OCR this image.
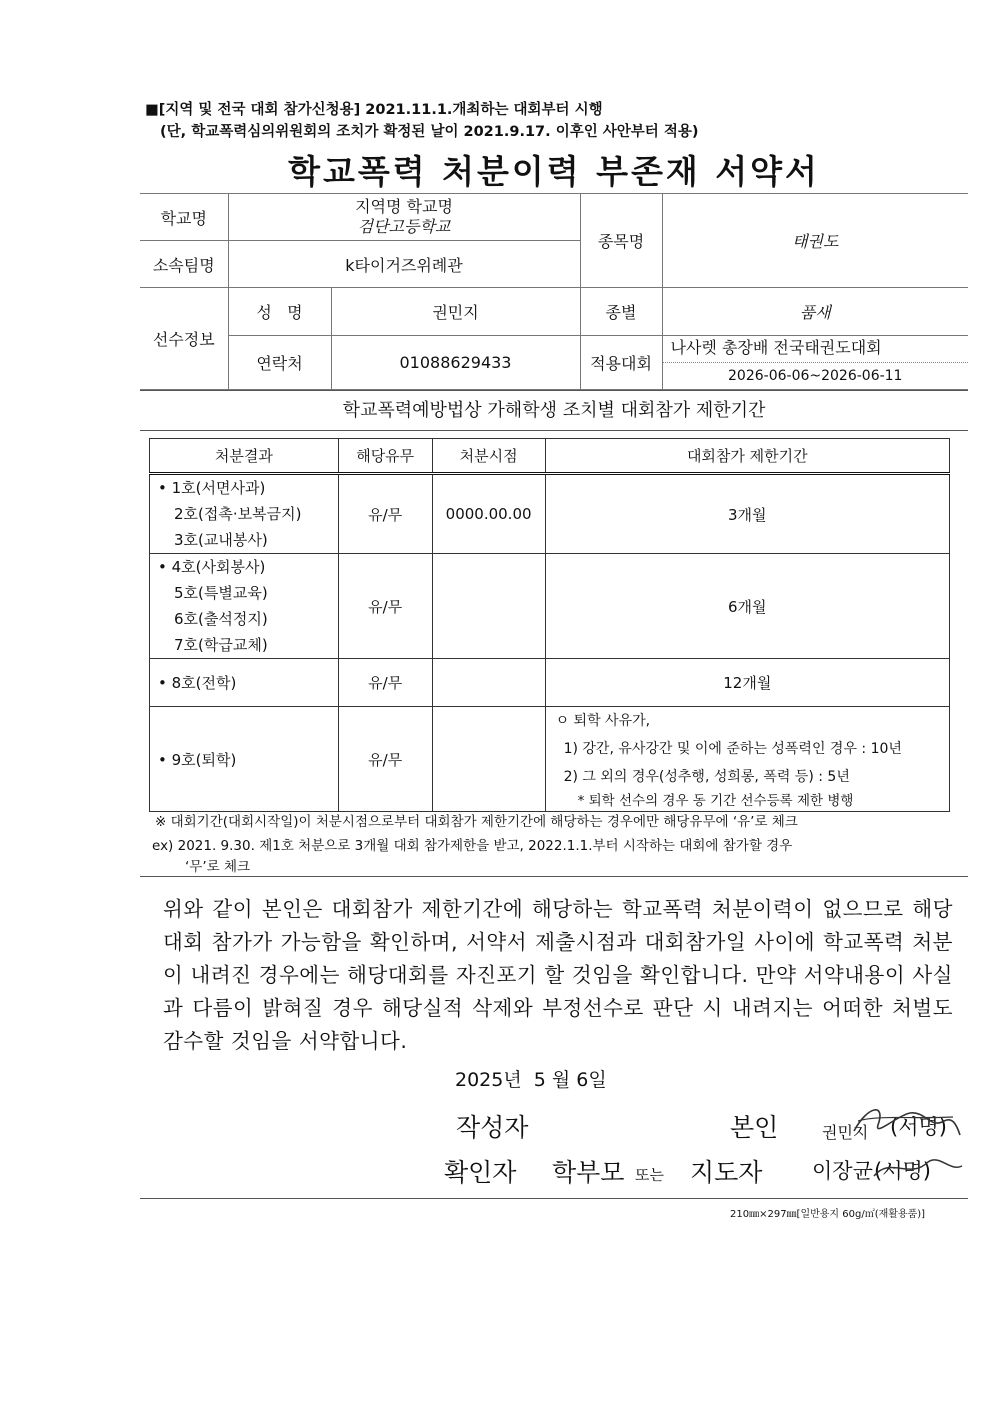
■[지역 및 전국 대회 참가신청용] 2021.11.1.개최하는 대회부터 시행
(단, 학교폭력심의위원회의 조치가 확정된 날이 2021.9.17. 이후인 사안부터 적용)
학교폭력 처분이력 부존재 서약서
학교명	지역명 학교명
검단고등학교		종목명	태권도
소속팀명	k타이거즈위례관			
선수정보	성   명	권민지	종별	품새
	연락처	01088629433	적용대회	나사렛 총장배 전국태권도대회
2026-06-06~2026-06-11
학교폭력예방법상 가해학생 조치별 대회참가 제한기간
처분결과	해당유무	처분시점	대회참가 제한기간

• 1호(서면사과)
2호(접촉·보복금지)
3호(교내봉사)	유/무	0000.00.00	3개월

• 4호(사회봉사)
5호(특별교육)
6호(출석정지)
7호(학급교체)	유/무		6개월
• 8호(전학)	유/무		12개월
• 9호(퇴학)	유/무		ㅇ 퇴학 사유가,
1) 강간, 유사강간 및 이에 준하는 성폭력인 경우 : 10년
2) 그 외의 경우(성추행, 성희롱, 폭력 등) : 5년
* 퇴학 선수의 경우 동 기간 선수등록 제한 병행
※ 대회기간(대회시작일)이 처분시점으로부터 대회참가 제한기간에 해당하는 경우에만 해당유무에 ‘유’로 체크
ex) 2021. 9.30. 제1호 처분으로 3개월 대회 참가제한을 받고, 2022.1.1.부터 시작하는 대회에 참가할 경우
‘무’로 체크
위와 같이 본인은 대회참가 제한기간에 해당하는 학교폭력 처분이력이 없으므로 해당 대회 참가가 가능함을 확인하며, 서약서 제출시점과 대회참가일 사이에 학교폭력 처분이 내려진 경우에는 해당대회를 자진포기 할 것임을 확인합니다. 만약 서약내용이 사실과 다름이 밝혀질 경우 해당실적 삭제와 부정선수로 판단 시 내려지는 어떠한 처벌도 감수할 것임을 서약합니다.
2025년  5 월 6일
작성자	본인	권민지 (서명)
확인자 학부모 또는 지도자 이장균 (서명)
210㎜×297㎜[일반용지 60g/㎡(재활용품)]
